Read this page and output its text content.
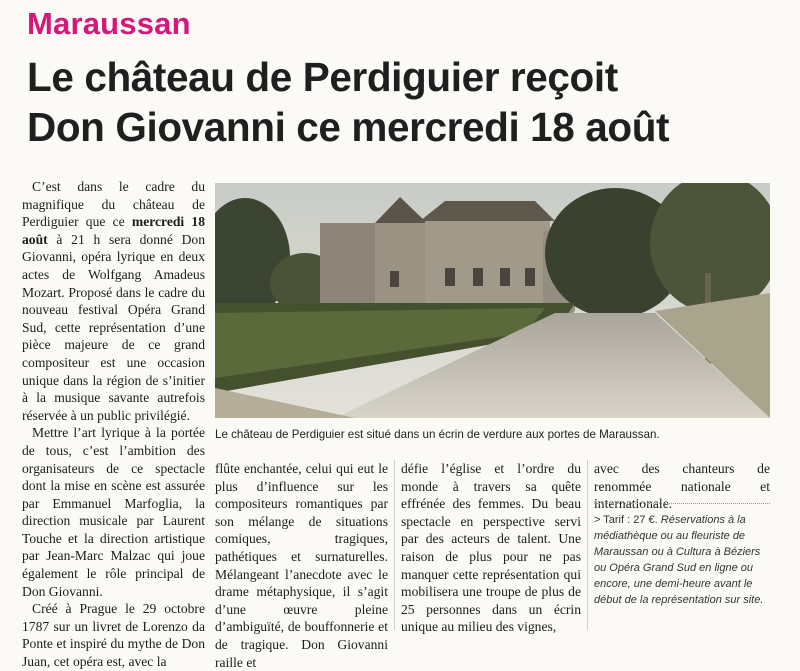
Maraussan
Le château de Perdiguier reçoit
Don Giovanni ce mercredi 18 août

C’est dans le cadre du magnifique du château de Perdiguier que ce mercredi 18 août à 21 h sera donné Don Giovanni, opéra lyrique en deux actes de Wolfgang Amadeus Mozart. Proposé dans le cadre du nouveau festival Opéra Grand Sud, cette représentation d’une pièce majeure de ce grand compositeur est une occasion unique dans la région de s’initier à la musique savante autrefois réservée à un public privilégié.

Mettre l’art lyrique à la portée de tous, c’est l’ambition des organisateurs de ce spectacle dont la mise en scène est assurée par Emmanuel Marfoglia, la direction musicale par Laurent Touche et la direction artistique par Jean-Marc Malzac qui joue également le rôle principal de Don Giovanni.

Créé à Prague le 29 octobre 1787 sur un livret de Lorenzo da Ponte et inspiré du mythe de Don Juan, cet opéra est, avec la

Le château de Perdiguier est situé dans un écrin de verdure aux portes de Maraussan.

flûte enchantée, celui qui eut le plus d’influence sur les compositeurs romantiques par son mélange de situations comiques, tragiques, pathétiques et surnaturelles. Mélangeant l’anecdote avec le drame métaphysique, il s’agit d’une œuvre pleine d’ambiguïté, de bouffonnerie et de tragique. Don Giovanni raille et

défie l’église et l’ordre du monde à travers sa quête effrénée des femmes. Du beau spectacle en perspective servi par des acteurs de talent. Une raison de plus pour ne pas manquer cette représentation qui mobilisera une troupe de plus de 25 personnes dans un écrin unique au milieu des vignes,

avec des chanteurs de renommée nationale et internationale.

> Tarif : 27 €. Réservations à la médiathèque ou au fleuriste de Maraussan ou à Cultura à Béziers ou Opéra Grand Sud en ligne ou encore, une demi-heure avant le début de la représentation sur site.
